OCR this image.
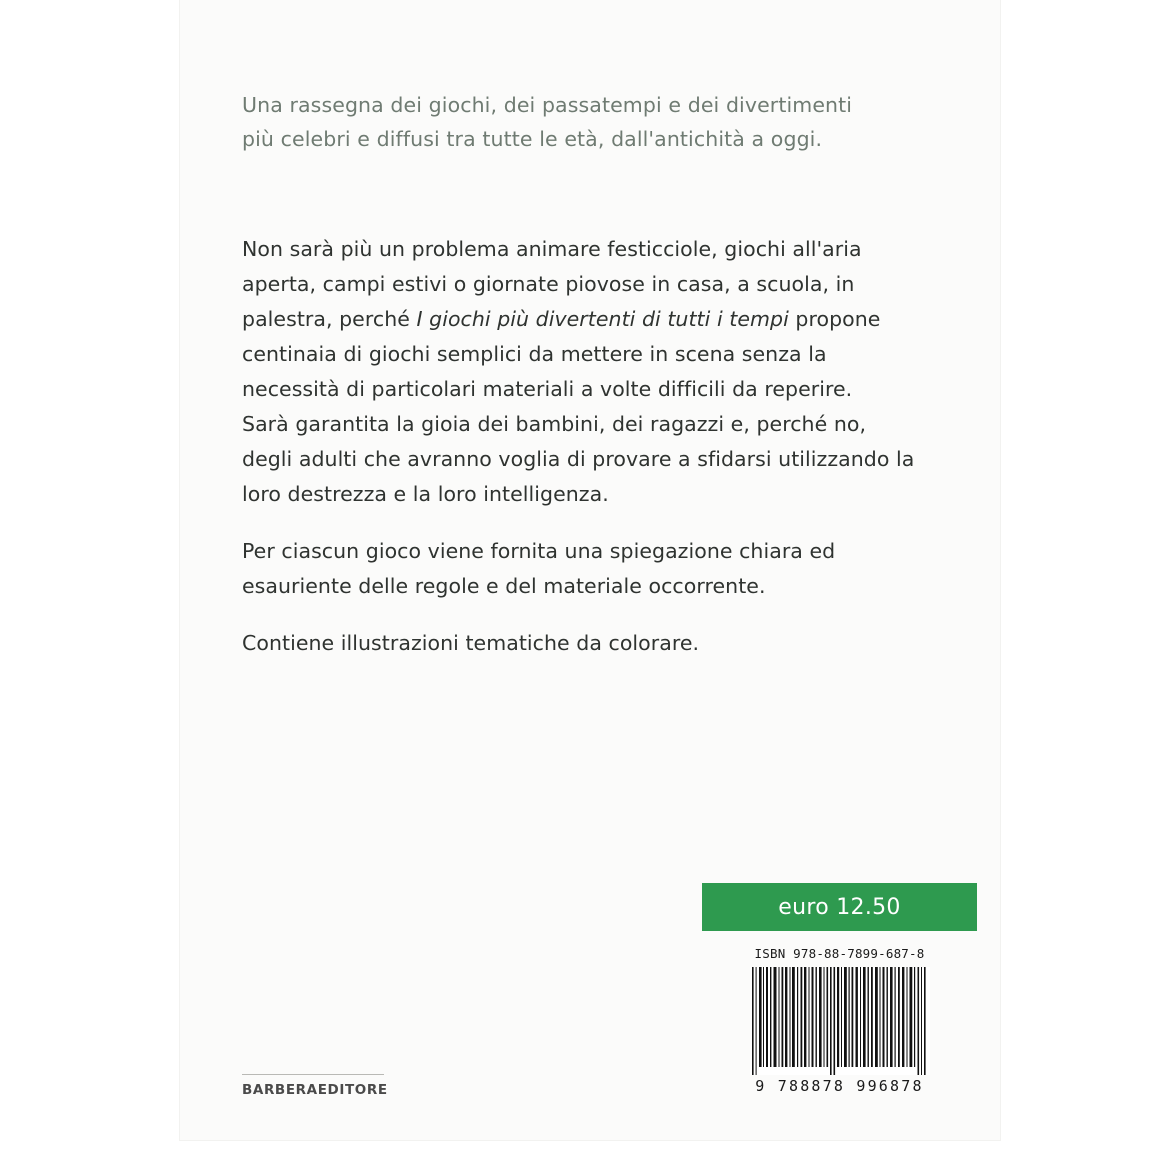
Una rassegna dei giochi, dei passatempi e dei divertimenti più celebri e diffusi tra tutte le età, dall'antichità a oggi.

Non sarà più un problema animare festicciole, giochi all'aria aperta, campi estivi o giornate piovose in casa, a scuola, in palestra, perché I giochi più divertenti di tutti i tempi propone centinaia di giochi semplici da mettere in scena senza la necessità di particolari materiali a volte difficili da reperire.

Sarà garantita la gioia dei bambini, dei ragazzi e, perché no, degli adulti che avranno voglia di provare a sfidarsi utilizzando la loro destrezza e la loro intelligenza.

Per ciascun gioco viene fornita una spiegazione chiara ed esauriente delle regole e del materiale occorrente.

Contiene illustrazioni tematiche da colorare.

euro 12.50
ISBN 978-88-7899-687-8
9 788878 996878
BARBERAEDITORE
